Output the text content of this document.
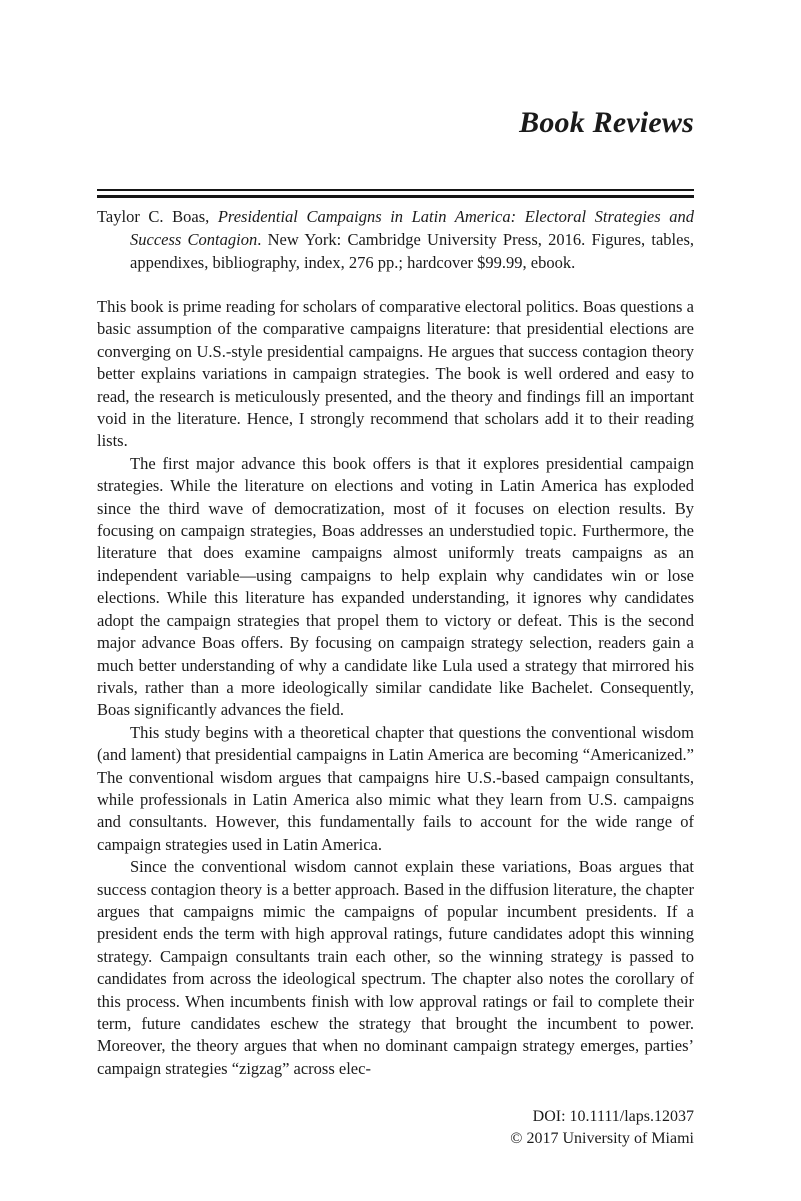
Book Reviews

Taylor C. Boas, Presidential Campaigns in Latin America: Electoral Strategies and Success Contagion. New York: Cambridge University Press, 2016. Figures, tables, appendixes, bibliography, index, 276 pp.; hardcover $99.99, ebook.

This book is prime reading for scholars of comparative electoral politics. Boas questions a basic assumption of the comparative campaigns literature: that presidential elections are converging on U.S.-style presidential campaigns. He argues that success contagion theory better explains variations in campaign strategies. The book is well ordered and easy to read, the research is meticulously presented, and the theory and findings fill an important void in the literature. Hence, I strongly recommend that scholars add it to their reading lists.

The first major advance this book offers is that it explores presidential campaign strategies. While the literature on elections and voting in Latin America has exploded since the third wave of democratization, most of it focuses on election results. By focusing on campaign strategies, Boas addresses an understudied topic. Furthermore, the literature that does examine campaigns almost uniformly treats campaigns as an independent variable—using campaigns to help explain why candidates win or lose elections. While this literature has expanded understanding, it ignores why candidates adopt the campaign strategies that propel them to victory or defeat. This is the second major advance Boas offers. By focusing on campaign strategy selection, readers gain a much better understanding of why a candidate like Lula used a strategy that mirrored his rivals, rather than a more ideologically similar candidate like Bachelet. Consequently, Boas significantly advances the field.

This study begins with a theoretical chapter that questions the conventional wisdom (and lament) that presidential campaigns in Latin America are becoming “Americanized.” The conventional wisdom argues that campaigns hire U.S.-based campaign consultants, while professionals in Latin America also mimic what they learn from U.S. campaigns and consultants. However, this fundamentally fails to account for the wide range of campaign strategies used in Latin America.

Since the conventional wisdom cannot explain these variations, Boas argues that success contagion theory is a better approach. Based in the diffusion literature, the chapter argues that campaigns mimic the campaigns of popular incumbent presidents. If a president ends the term with high approval ratings, future candidates adopt this winning strategy. Campaign consultants train each other, so the winning strategy is passed to candidates from across the ideological spectrum. The chapter also notes the corollary of this process. When incumbents finish with low approval ratings or fail to complete their term, future candidates eschew the strategy that brought the incumbent to power. Moreover, the theory argues that when no dominant campaign strategy emerges, parties’ campaign strategies “zigzag” across elec-

DOI: 10.1111/laps.12037
© 2017 University of Miami
